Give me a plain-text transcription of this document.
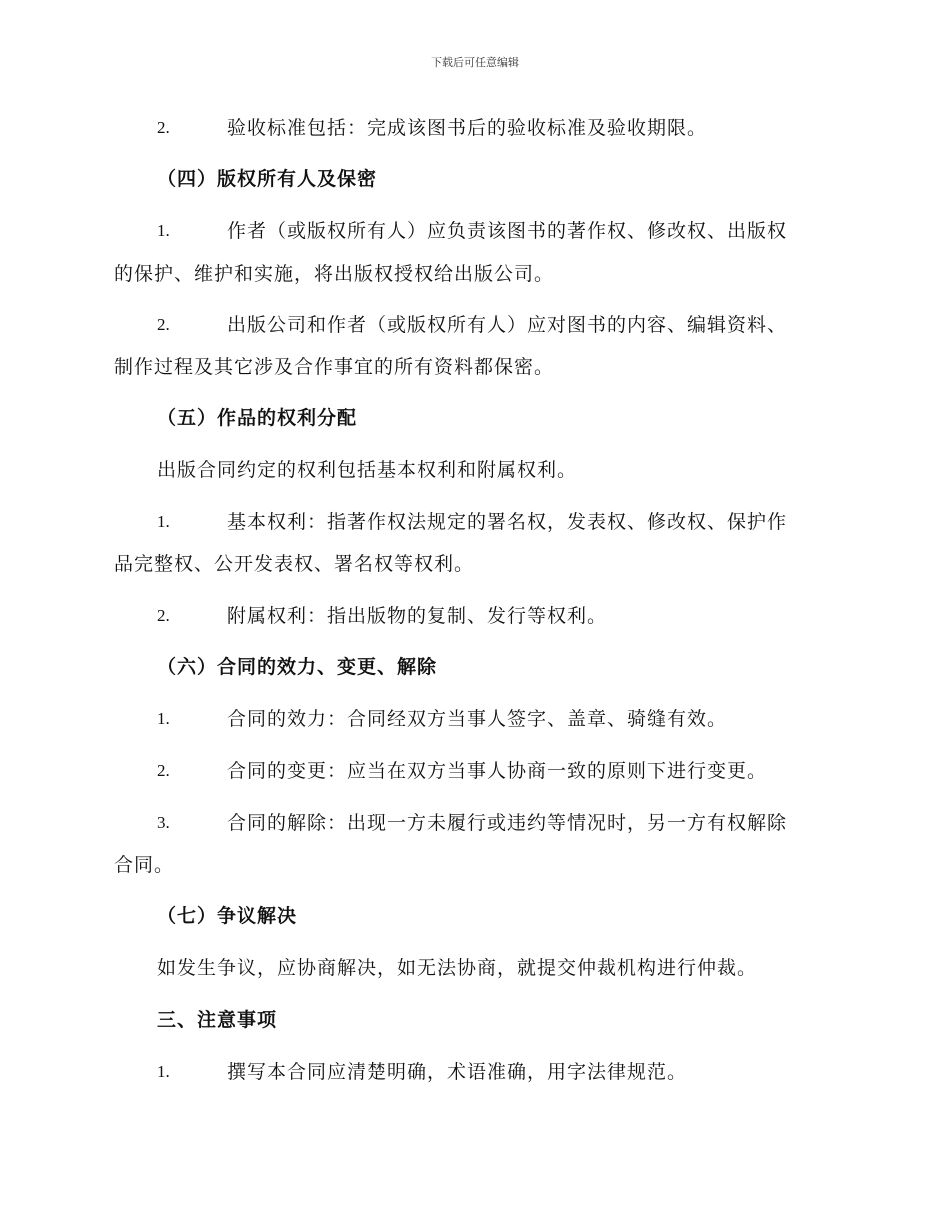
下载后可任意编辑
2.	验收标准包括：完成该图书后的验收标准及验收期限。
（四）版权所有人及保密
1.	作者（或版权所有人）应负责该图书的著作权、修改权、出版权
的保护、维护和实施，将出版权授权给出版公司。
2.	出版公司和作者（或版权所有人）应对图书的内容、编辑资料、
制作过程及其它涉及合作事宜的所有资料都保密。
（五）作品的权利分配
出版合同约定的权利包括基本权利和附属权利。
1.	基本权利：指著作权法规定的署名权，发表权、修改权、保护作
品完整权、公开发表权、署名权等权利。
2.	附属权利：指出版物的复制、发行等权利。
（六）合同的效力、变更、解除
1.	合同的效力：合同经双方当事人签字、盖章、骑缝有效。
2.	合同的变更：应当在双方当事人协商一致的原则下进行变更。
3.	合同的解除：出现一方未履行或违约等情况时，另一方有权解除
合同。
（七）争议解决
如发生争议，应协商解决，如无法协商，就提交仲裁机构进行仲裁。
三、注意事项
1.	撰写本合同应清楚明确，术语准确，用字法律规范。
